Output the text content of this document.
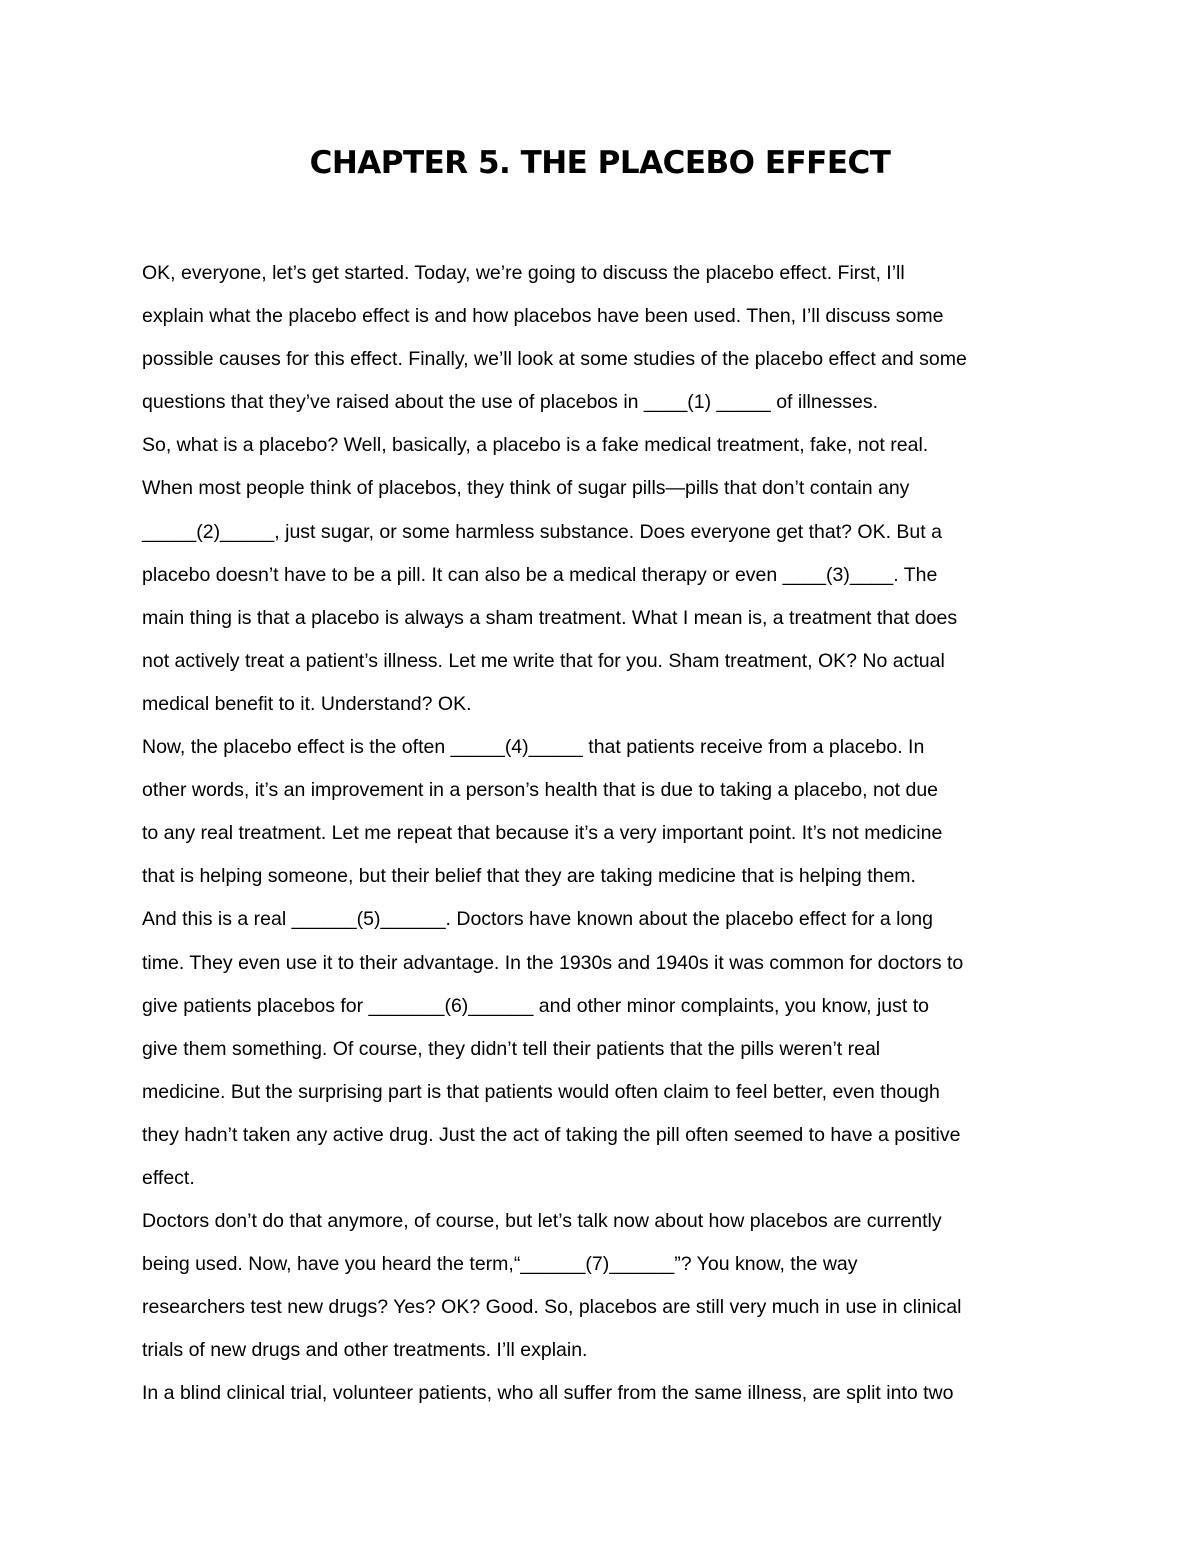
CHAPTER 5. THE PLACEBO EFFECT
OK, everyone, let’s get started. Today, we’re going to discuss the placebo effect. First, I’ll
explain what the placebo effect is and how placebos have been used. Then, I’ll discuss some
possible causes for this effect. Finally, we’ll look at some studies of the placebo effect and some
questions that they’ve raised about the use of placebos in ____(1) _____ of illnesses.
So, what is a placebo? Well, basically, a placebo is a fake medical treatment, fake, not real.
When most people think of placebos, they think of sugar pills—pills that don’t contain any
_____(2)_____, just sugar, or some harmless substance. Does everyone get that? OK. But a
placebo doesn’t have to be a pill. It can also be a medical therapy or even ____(3)____. The
main thing is that a placebo is always a sham treatment. What I mean is, a treatment that does
not actively treat a patient’s illness. Let me write that for you. Sham treatment, OK? No actual
medical benefit to it. Understand? OK.
Now, the placebo effect is the often _____(4)_____ that patients receive from a placebo. In
other words, it’s an improvement in a person’s health that is due to taking a placebo, not due
to any real treatment. Let me repeat that because it’s a very important point. It’s not medicine
that is helping someone, but their belief that they are taking medicine that is helping them.
And this is a real ______(5)______. Doctors have known about the placebo effect for a long
time. They even use it to their advantage. In the 1930s and 1940s it was common for doctors to
give patients placebos for _______(6)______ and other minor complaints, you know, just to
give them something. Of course, they didn’t tell their patients that the pills weren’t real
medicine. But the surprising part is that patients would often claim to feel better, even though
they hadn’t taken any active drug. Just the act of taking the pill often seemed to have a positive
effect.
Doctors don’t do that anymore, of course, but let’s talk now about how placebos are currently
being used. Now, have you heard the term,“______(7)______”? You know, the way
researchers test new drugs? Yes? OK? Good. So, placebos are still very much in use in clinical
trials of new drugs and other treatments. I’ll explain.
In a blind clinical trial, volunteer patients, who all suffer from the same illness, are split into two
